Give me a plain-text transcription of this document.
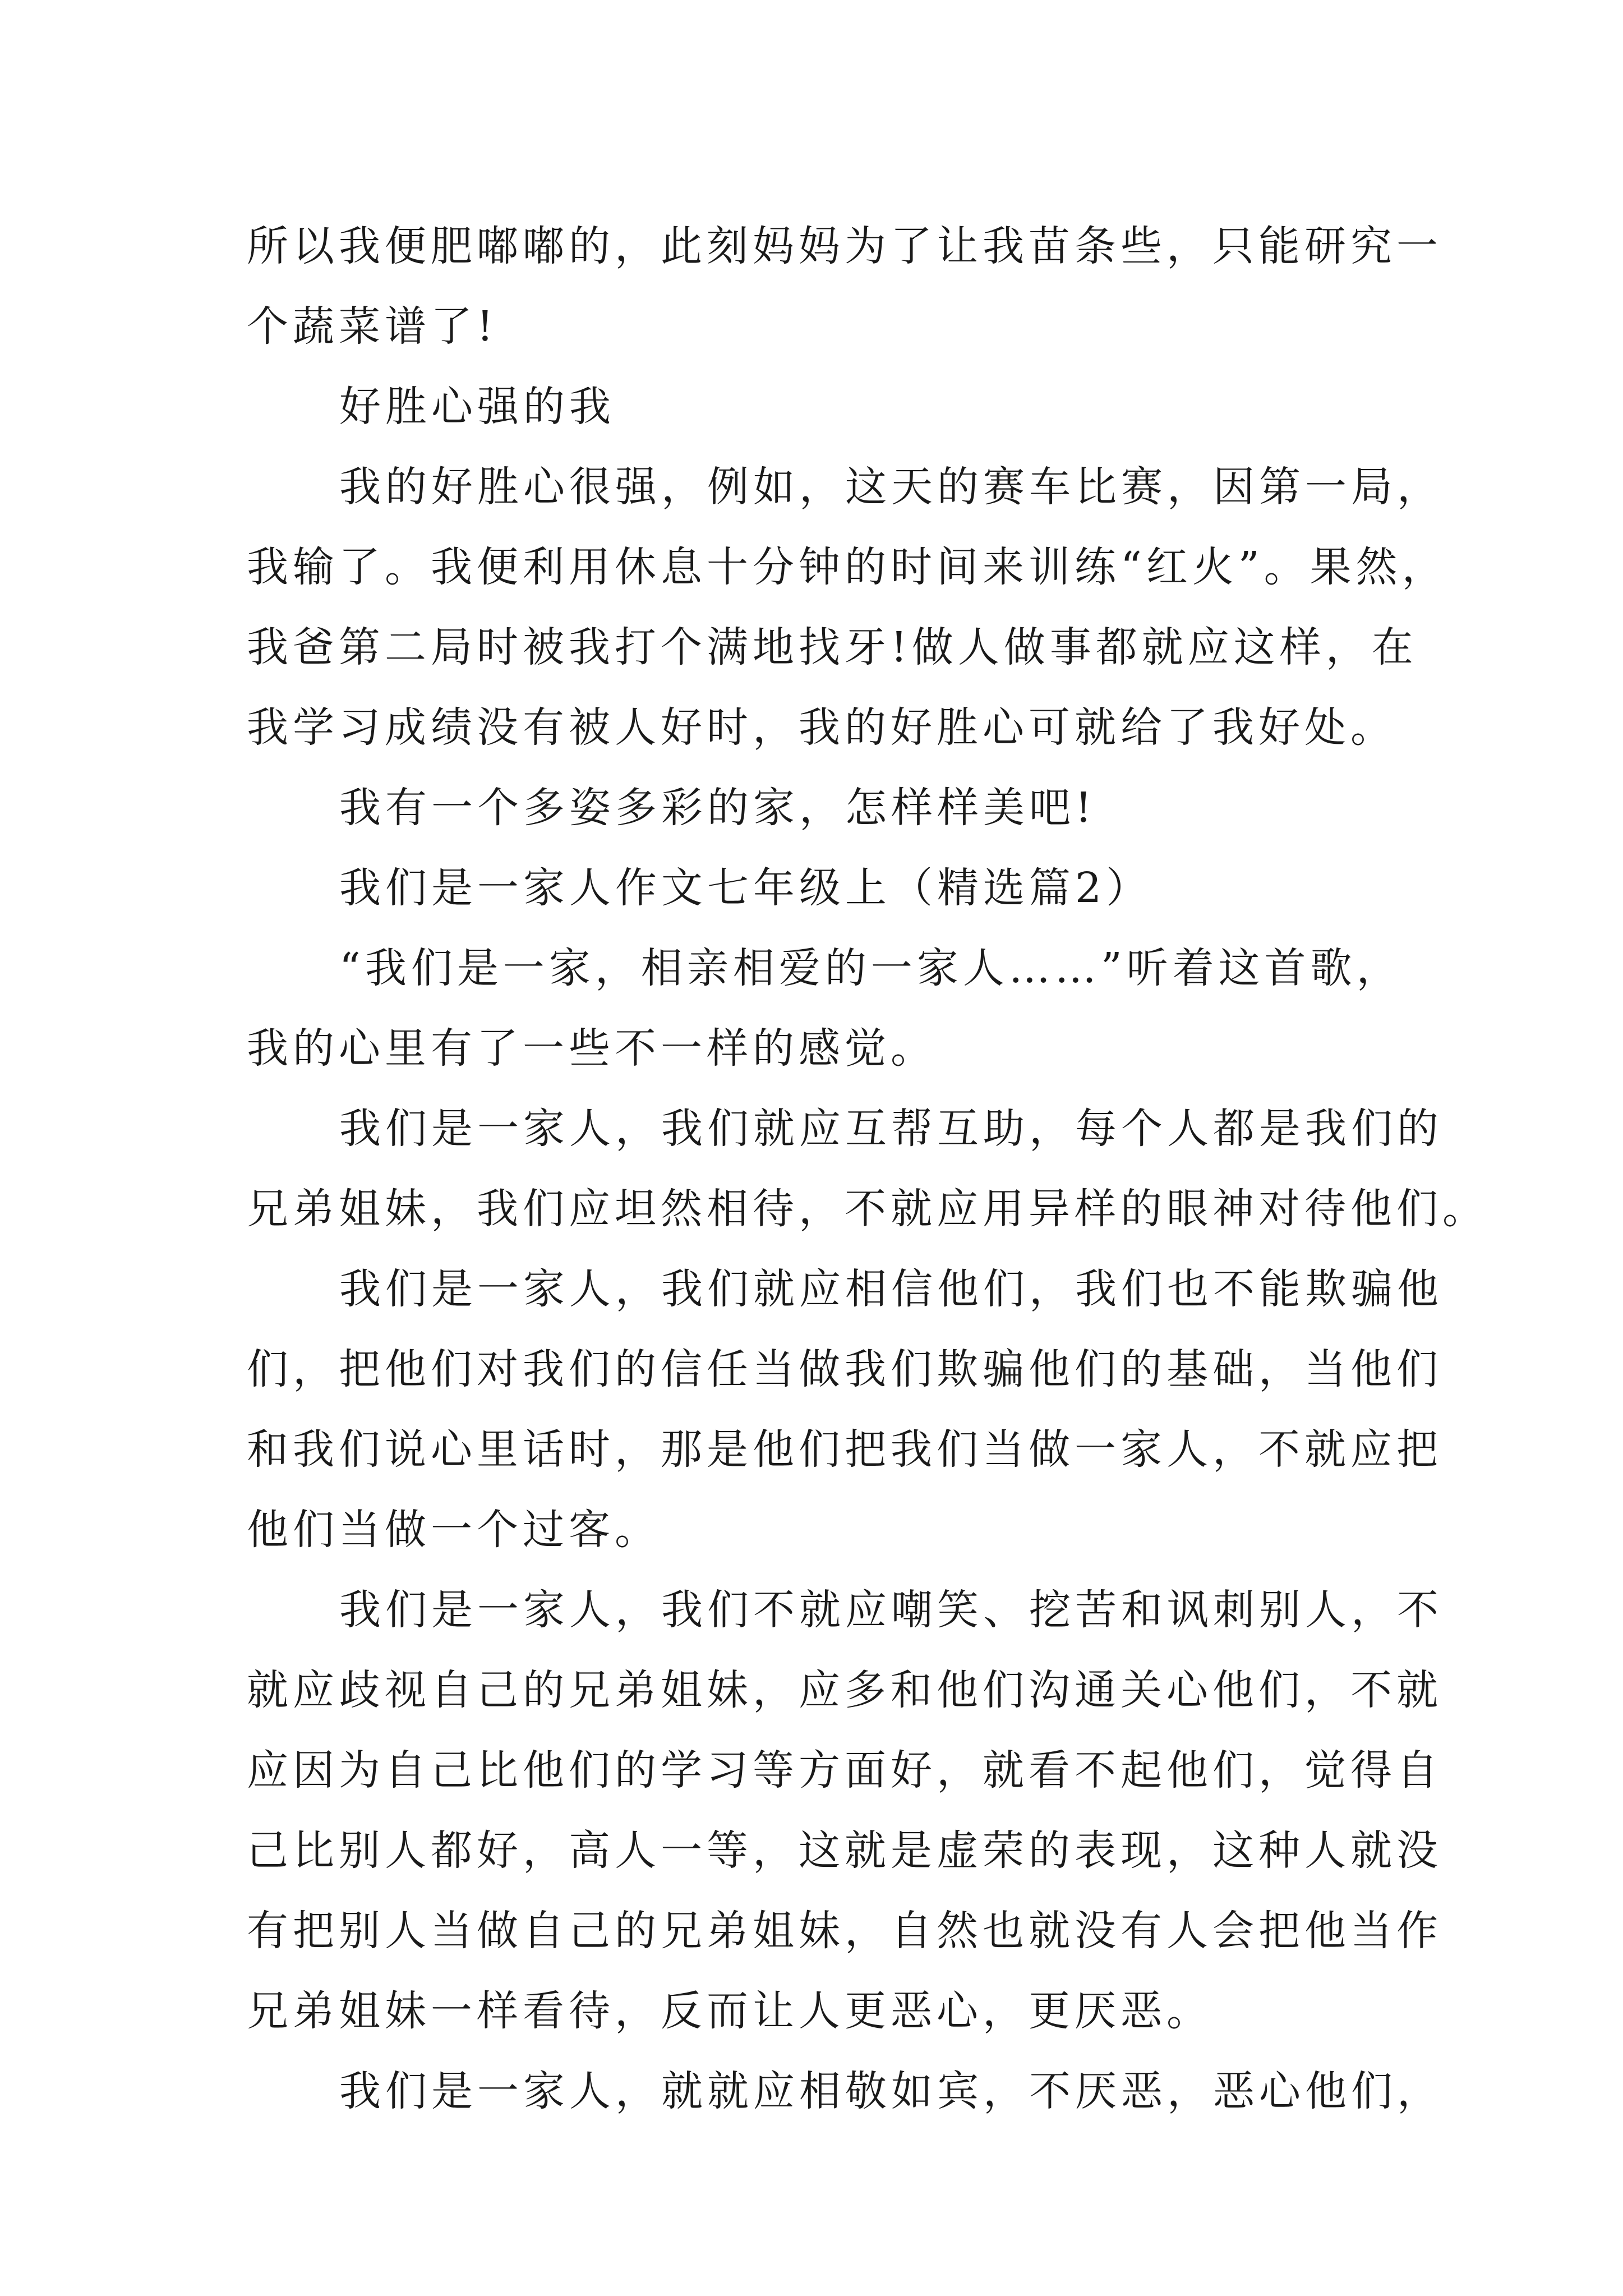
所以我便肥嘟嘟的，此刻妈妈为了让我苗条些，只能研究一
个蔬菜谱了!
好胜心强的我
我的好胜心很强，例如，这天的赛车比赛，因第一局，
我输了。我便利用休息十分钟的时间来训练“红火”。果然，
我爸第二局时被我打个满地找牙!做人做事都就应这样，在
我学习成绩没有被人好时，我的好胜心可就给了我好处。
我有一个多姿多彩的家，怎样样美吧!
我们是一家人作文七年级上（精选篇2）
“我们是一家，相亲相爱的一家人……”听着这首歌，
我的心里有了一些不一样的感觉。
我们是一家人，我们就应互帮互助，每个人都是我们的
兄弟姐妹，我们应坦然相待，不就应用异样的眼神对待他们。
我们是一家人，我们就应相信他们，我们也不能欺骗他
们，把他们对我们的信任当做我们欺骗他们的基础，当他们
和我们说心里话时，那是他们把我们当做一家人，不就应把
他们当做一个过客。
我们是一家人，我们不就应嘲笑、挖苦和讽刺别人，不
就应歧视自己的兄弟姐妹，应多和他们沟通关心他们，不就
应因为自己比他们的学习等方面好，就看不起他们，觉得自
己比别人都好，高人一等，这就是虚荣的表现，这种人就没
有把别人当做自己的兄弟姐妹，自然也就没有人会把他当作
兄弟姐妹一样看待，反而让人更恶心，更厌恶。
我们是一家人，就就应相敬如宾，不厌恶，恶心他们，
